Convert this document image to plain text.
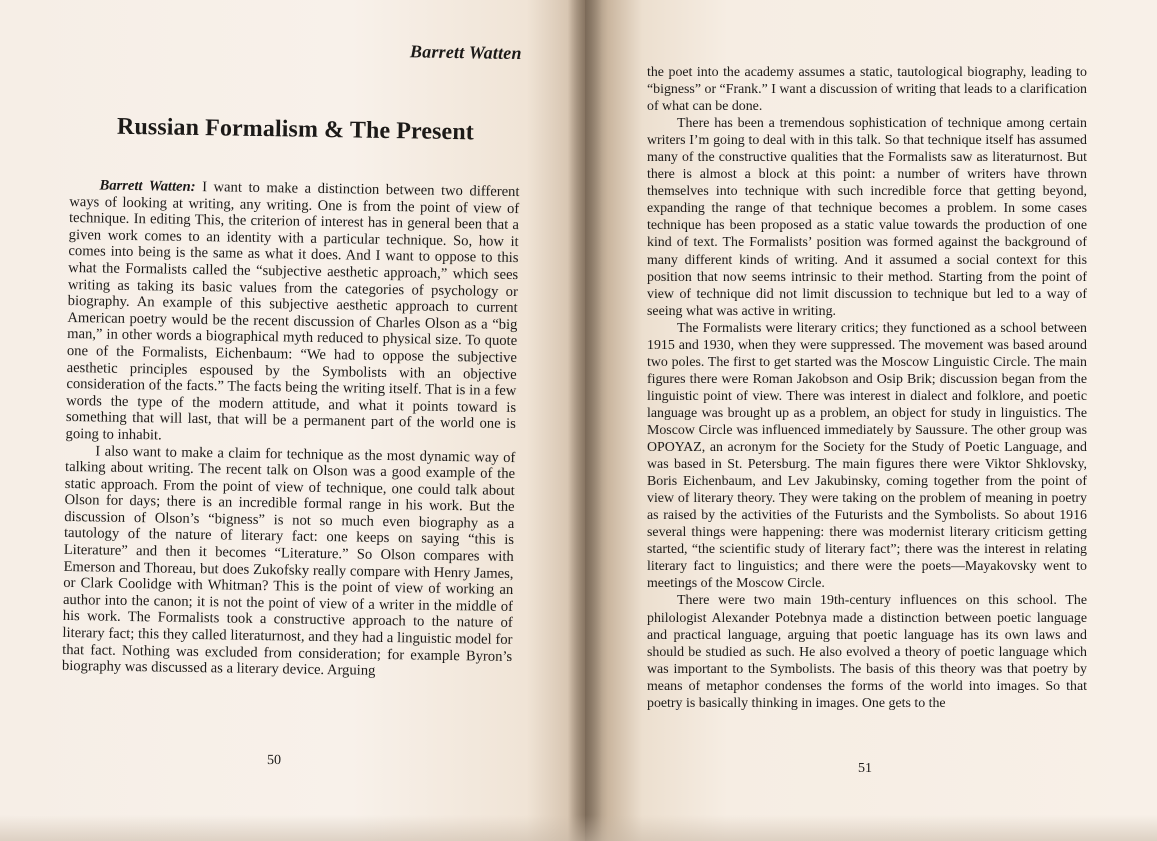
Barrett Watten
Russian Formalism & The Present

Barrett Watten: I want to make a distinction between two different ways of looking at writing, any writing. One is from the point of view of technique. In editing This, the criterion of interest has in general been that a given work comes to an identity with a particular technique. So, how it comes into being is the same as what it does. And I want to oppose to this what the Formalists called the “subjective aesthetic approach,” which sees writing as taking its basic values from the categories of psychology or biography. An example of this subjective aesthetic approach to current American poetry would be the recent discussion of Charles Olson as a “big man,” in other words a biographical myth reduced to physical size. To quote one of the Formalists, Eichenbaum: “We had to oppose the subjective aesthetic principles espoused by the Symbolists with an objective consideration of the facts.” The facts being the writing itself. That is in a few words the type of the modern attitude, and what it points toward is something that will last, that will be a permanent part of the world one is going to inhabit.

I also want to make a claim for technique as the most dynamic way of talking about writing. The recent talk on Olson was a good example of the static approach. From the point of view of technique, one could talk about Olson for days; there is an incredible formal range in his work. But the discussion of Olson’s “bigness” is not so much even biography as a tautology of the nature of literary fact: one keeps on saying “this is Literature” and then it becomes “Literature.” So Olson compares with Emerson and Thoreau, but does Zukofsky really compare with Henry James, or Clark Coolidge with Whitman? This is the point of view of working an author into the canon; it is not the point of view of a writer in the middle of his work. The Formalists took a constructive approach to the nature of literary fact; this they called literaturnost, and they had a linguistic model for that fact. Nothing was excluded from consideration; for example Byron’s biography was discussed as a literary device. Arguing

50

the poet into the academy assumes a static, tautological biography, leading to “bigness” or “Frank.” I want a discussion of writing that leads to a clarification of what can be done.

There has been a tremendous sophistication of technique among certain writers I’m going to deal with in this talk. So that technique itself has assumed many of the constructive qualities that the Formalists saw as literaturnost. But there is almost a block at this point: a number of writers have thrown themselves into technique with such incredible force that getting beyond, expanding the range of that technique becomes a problem. In some cases technique has been proposed as a static value towards the production of one kind of text. The Formalists’ position was formed against the background of many different kinds of writing. And it assumed a social context for this position that now seems intrinsic to their method. Starting from the point of view of technique did not limit discussion to technique but led to a way of seeing what was active in writing.

The Formalists were literary critics; they functioned as a school between 1915 and 1930, when they were suppressed. The movement was based around two poles. The first to get started was the Moscow Linguistic Circle. The main figures there were Roman Jakobson and Osip Brik; discussion began from the linguistic point of view. There was interest in dialect and folklore, and poetic language was brought up as a problem, an object for study in linguistics. The Moscow Circle was influenced immediately by Saussure. The other group was OPOYAZ, an acronym for the Society for the Study of Poetic Language, and was based in St. Petersburg. The main figures there were Viktor Shklovsky, Boris Eichenbaum, and Lev Jakubinsky, coming together from the point of view of literary theory. They were taking on the problem of meaning in poetry as raised by the activities of the Futurists and the Symbolists. So about 1916 several things were happening: there was modernist literary criticism getting started, “the scientific study of literary fact”; there was the interest in relating literary fact to linguistics; and there were the poets—Mayakovsky went to meetings of the Moscow Circle.

There were two main 19th-century influences on this school. The philologist Alexander Potebnya made a distinction between poetic language and practical language, arguing that poetic language has its own laws and should be studied as such. He also evolved a theory of poetic language which was important to the Symbolists. The basis of this theory was that poetry by means of metaphor condenses the forms of the world into images. So that poetry is basically thinking in images. One gets to the

51
